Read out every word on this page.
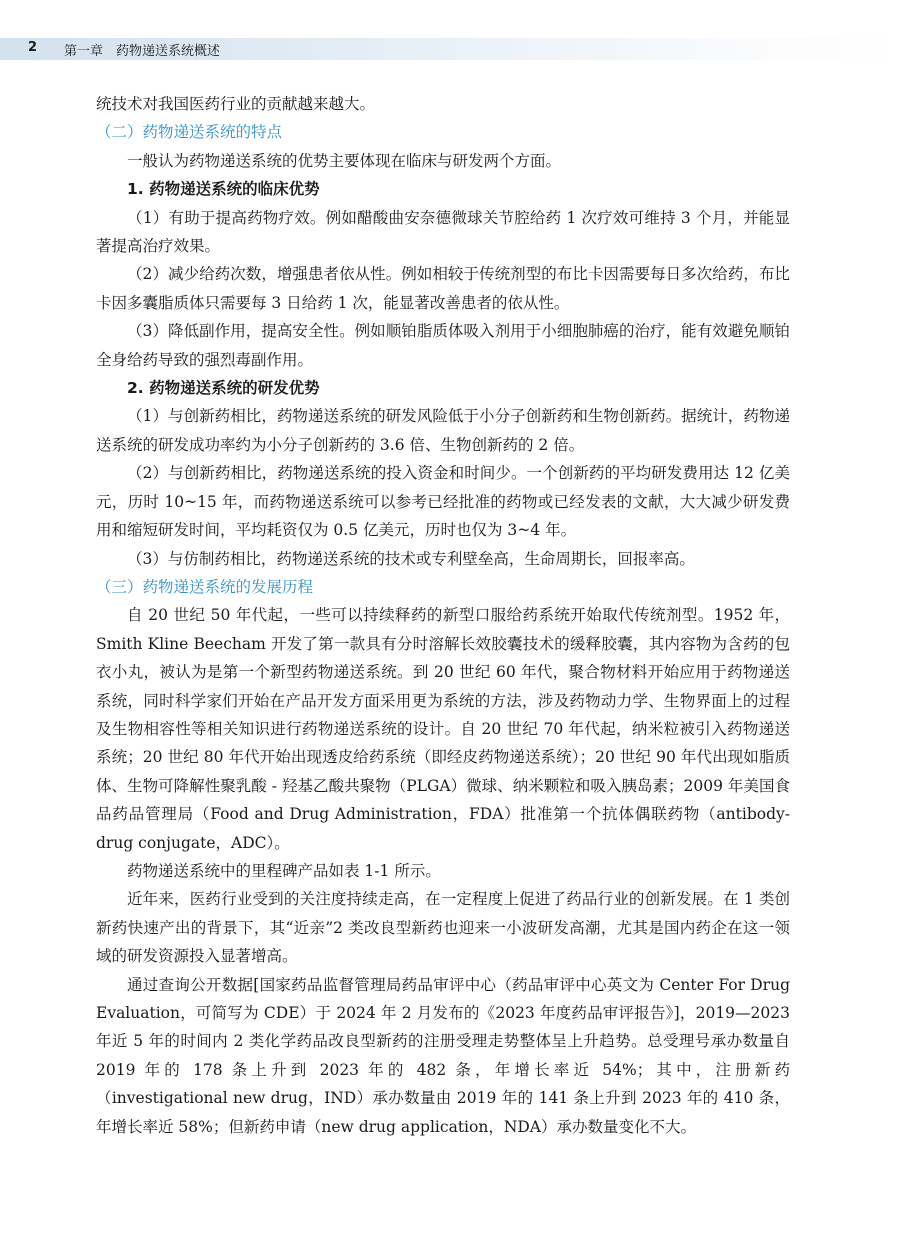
2 第一章　药物递送系统概述

统技术对我国医药行业的贡献越来越大。

（二）药物递送系统的特点

一般认为药物递送系统的优势主要体现在临床与研发两个方面。

1. 药物递送系统的临床优势

（1）有助于提高药物疗效。例如醋酸曲安奈德微球关节腔给药 1 次疗效可维持 3 个月，并能显著提高治疗效果。

（2）减少给药次数，增强患者依从性。例如相较于传统剂型的布比卡因需要每日多次给药，布比卡因多囊脂质体只需要每 3 日给药 1 次，能显著改善患者的依从性。

（3）降低副作用，提高安全性。例如顺铂脂质体吸入剂用于小细胞肺癌的治疗，能有效避免顺铂全身给药导致的强烈毒副作用。

2. 药物递送系统的研发优势

（1）与创新药相比，药物递送系统的研发风险低于小分子创新药和生物创新药。据统计，药物递送系统的研发成功率约为小分子创新药的 3.6 倍、生物创新药的 2 倍。

（2）与创新药相比，药物递送系统的投入资金和时间少。一个创新药的平均研发费用达 12 亿美元，历时 10~15 年，而药物递送系统可以参考已经批准的药物或已经发表的文献，大大减少研发费用和缩短研发时间，平均耗资仅为 0.5 亿美元，历时也仅为 3~4 年。

（3）与仿制药相比，药物递送系统的技术或专利壁垒高，生命周期长，回报率高。

（三）药物递送系统的发展历程

自 20 世纪 50 年代起，一些可以持续释药的新型口服给药系统开始取代传统剂型。1952 年，Smith Kline Beecham 开发了第一款具有分时溶解长效胶囊技术的缓释胶囊，其内容物为含药的包衣小丸，被认为是第一个新型药物递送系统。到 20 世纪 60 年代，聚合物材料开始应用于药物递送系统，同时科学家们开始在产品开发方面采用更为系统的方法，涉及药物动力学、生物界面上的过程及生物相容性等相关知识进行药物递送系统的设计。自 20 世纪 70 年代起，纳米粒被引入药物递送系统；20 世纪 80 年代开始出现透皮给药系统（即经皮药物递送系统）；20 世纪 90 年代出现如脂质体、生物可降解性聚乳酸 - 羟基乙酸共聚物（PLGA）微球、纳米颗粒和吸入胰岛素；2009 年美国食品药品管理局（Food and Drug Administration，FDA）批准第一个抗体偶联药物（antibody-drug conjugate，ADC）。

药物递送系统中的里程碑产品如表 1-1 所示。

近年来，医药行业受到的关注度持续走高，在一定程度上促进了药品行业的创新发展。在 1 类创新药快速产出的背景下，其“近亲”2 类改良型新药也迎来一小波研发高潮，尤其是国内药企在这一领域的研发资源投入显著增高。

通过查询公开数据[国家药品监督管理局药品审评中心（药品审评中心英文为 Center For Drug Evaluation，可简写为 CDE）于 2024 年 2 月发布的《2023 年度药品审评报告》]，2019—2023 年近 5 年的时间内 2 类化学药品改良型新药的注册受理走势整体呈上升趋势。总受理号承办数量自 2019 年的 178 条上升到 2023 年的 482 条，年增长率近 54%；其中，注册新药（investigational new drug，IND）承办数量由 2019 年的 141 条上升到 2023 年的 410 条，年增长率近 58%；但新药申请（new drug application，NDA）承办数量变化不大。
